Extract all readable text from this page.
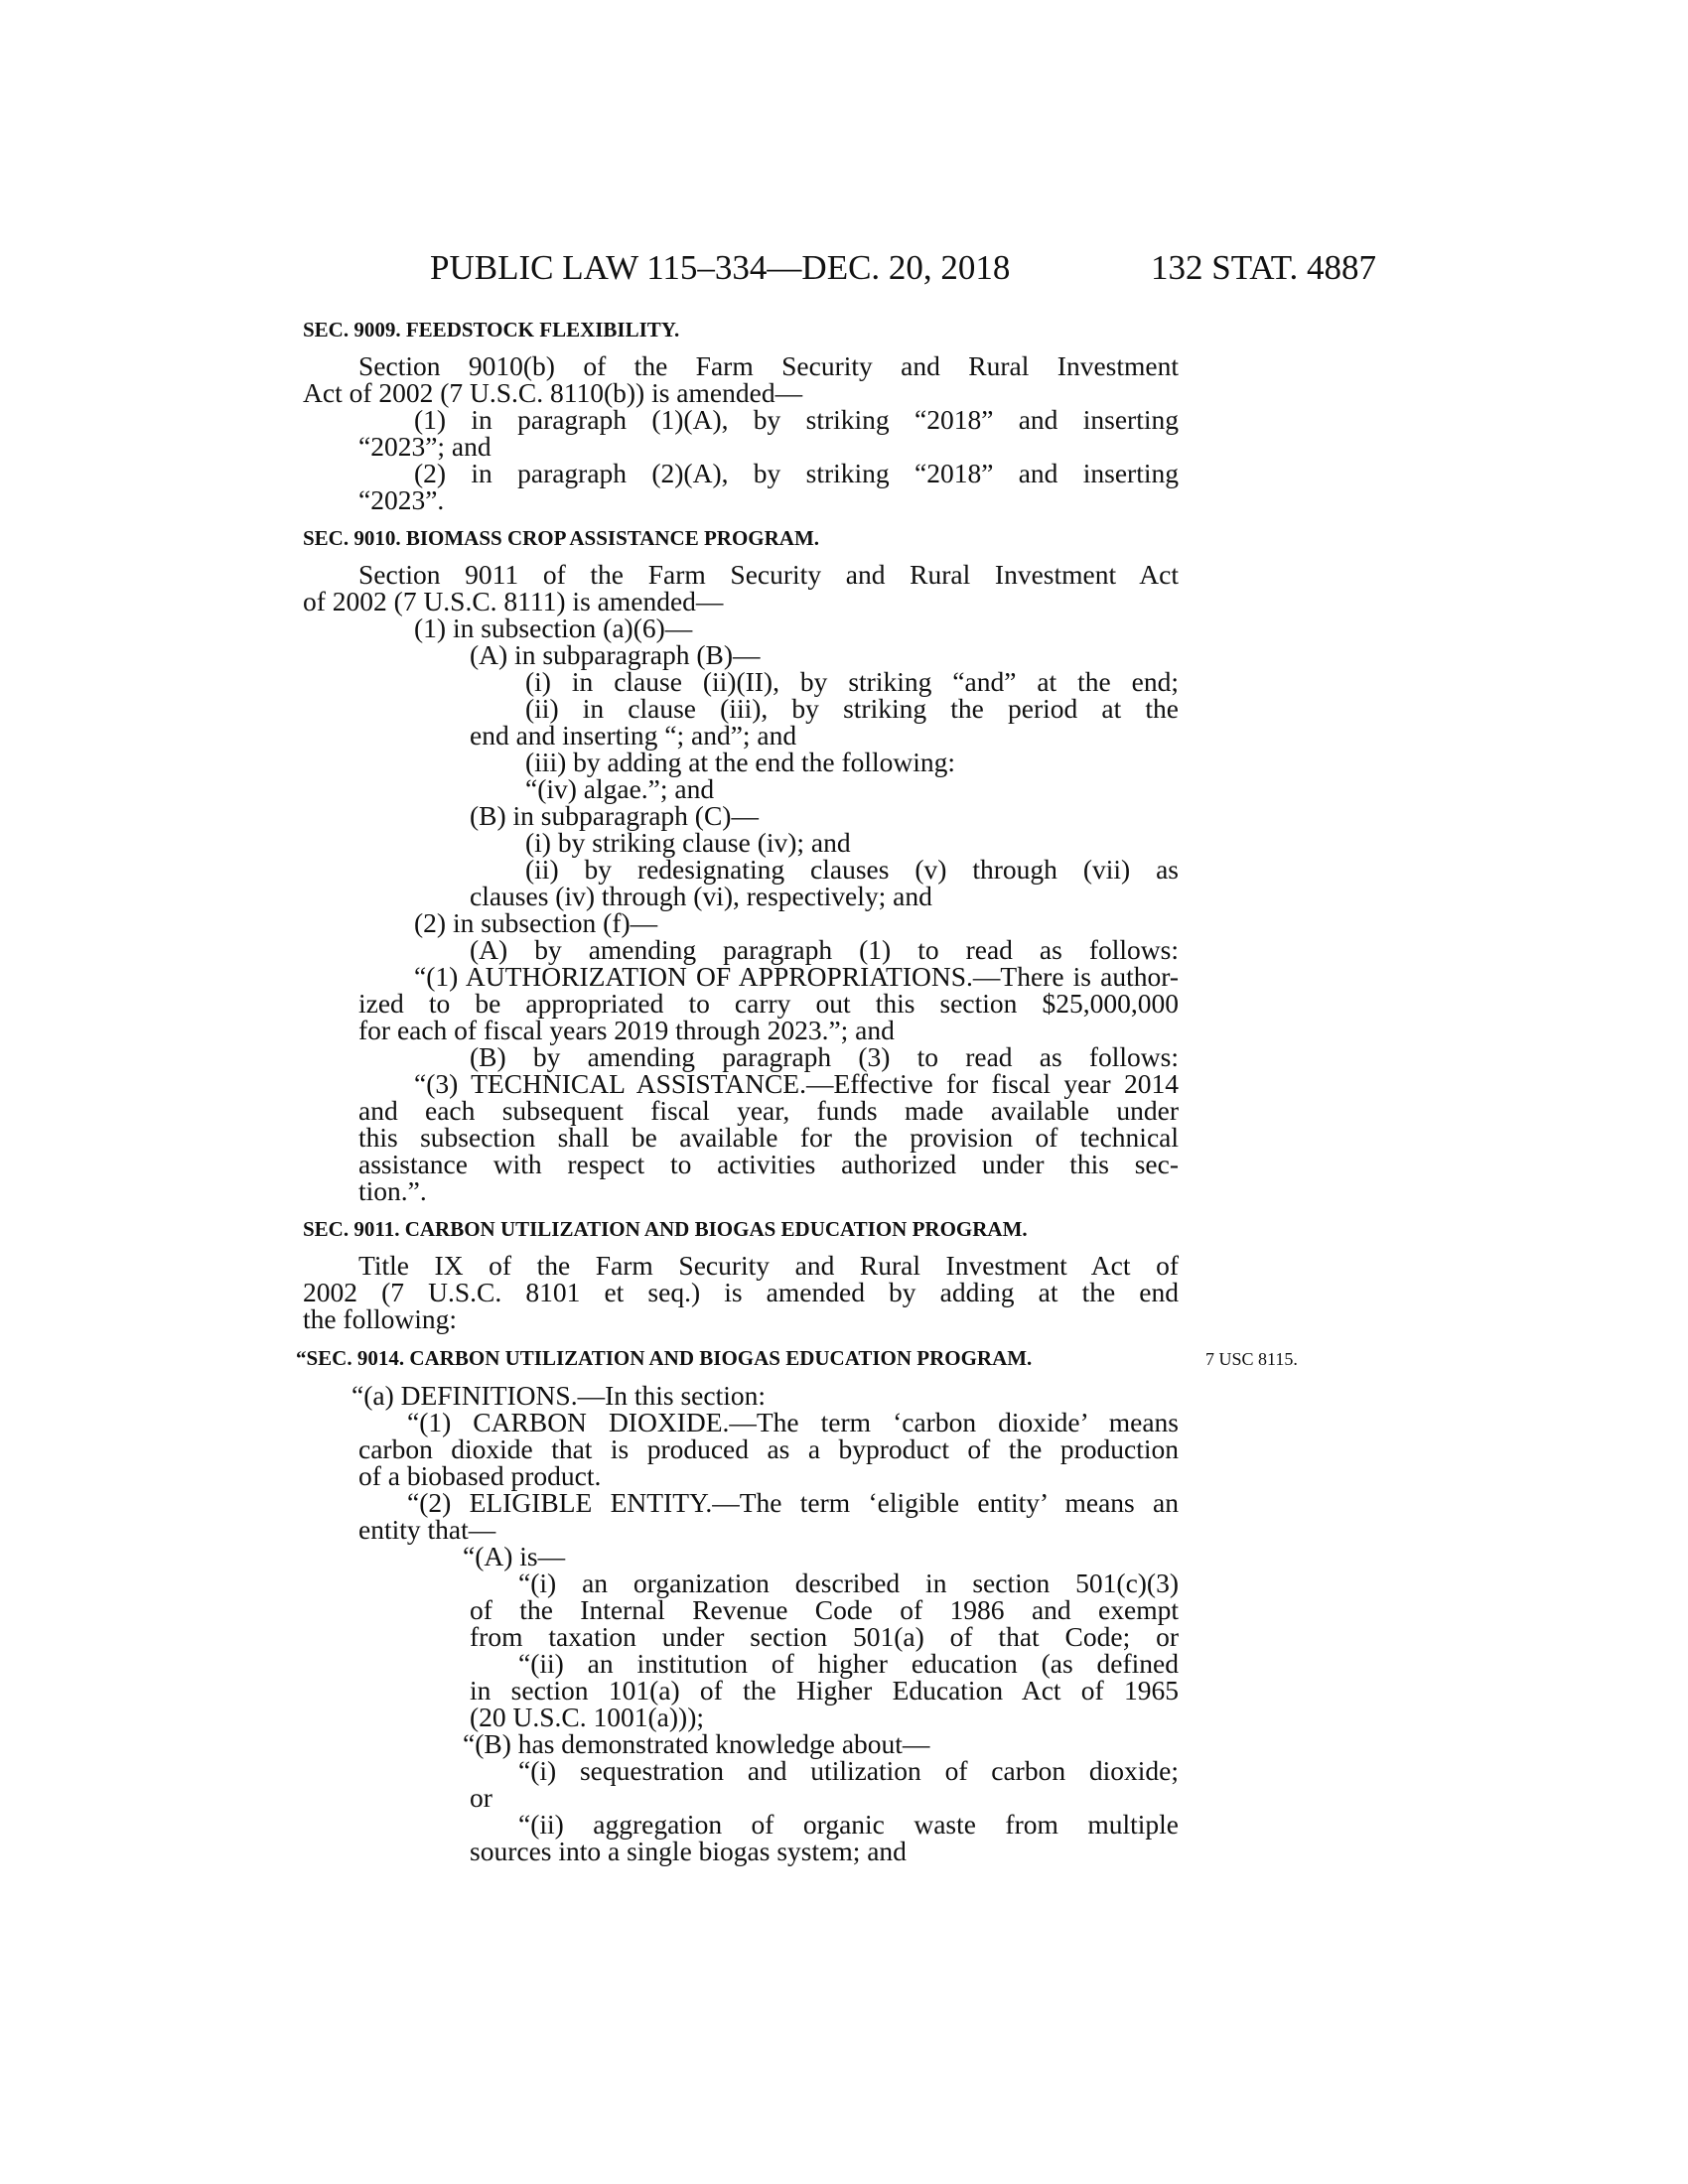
PUBLIC LAW 115–334—DEC. 20, 2018	132 STAT. 4887
SEC. 9009. FEEDSTOCK FLEXIBILITY.
Section 9010(b) of the Farm Security and Rural Investment
Act of 2002 (7 U.S.C. 8110(b)) is amended—
(1) in paragraph (1)(A), by striking “2018” and inserting
“2023”; and
(2) in paragraph (2)(A), by striking “2018” and inserting
“2023”.
SEC. 9010. BIOMASS CROP ASSISTANCE PROGRAM.
Section 9011 of the Farm Security and Rural Investment Act
of 2002 (7 U.S.C. 8111) is amended—
(1) in subsection (a)(6)—
(A) in subparagraph (B)—
(i) in clause (ii)(II), by striking “and” at the end;
(ii) in clause (iii), by striking the period at the
end and inserting “; and”; and
(iii) by adding at the end the following:
“(iv) algae.”; and
(B) in subparagraph (C)—
(i) by striking clause (iv); and
(ii) by redesignating clauses (v) through (vii) as
clauses (iv) through (vi), respectively; and
(2) in subsection (f)—
(A) by amending paragraph (1) to read as follows:
“(1) AUTHORIZATION OF APPROPRIATIONS.—There is author-
ized to be appropriated to carry out this section $25,000,000
for each of fiscal years 2019 through 2023.”; and
(B) by amending paragraph (3) to read as follows:
“(3) TECHNICAL ASSISTANCE.—Effective for fiscal year 2014
and each subsequent fiscal year, funds made available under
this subsection shall be available for the provision of technical
assistance with respect to activities authorized under this sec-
tion.”.
SEC. 9011. CARBON UTILIZATION AND BIOGAS EDUCATION PROGRAM.
Title IX of the Farm Security and Rural Investment Act of
2002 (7 U.S.C. 8101 et seq.) is amended by adding at the end
the following:
“SEC. 9014. CARBON UTILIZATION AND BIOGAS EDUCATION PROGRAM.	7 USC 8115.
“(a) DEFINITIONS.—In this section:
“(1) CARBON DIOXIDE.—The term ‘carbon dioxide’ means
carbon dioxide that is produced as a byproduct of the production
of a biobased product.
“(2) ELIGIBLE ENTITY.—The term ‘eligible entity’ means an
entity that—
“(A) is—
“(i) an organization described in section 501(c)(3)
of the Internal Revenue Code of 1986 and exempt
from taxation under section 501(a) of that Code; or
“(ii) an institution of higher education (as defined
in section 101(a) of the Higher Education Act of 1965
(20 U.S.C. 1001(a)));
“(B) has demonstrated knowledge about—
“(i) sequestration and utilization of carbon dioxide;
or
“(ii) aggregation of organic waste from multiple
sources into a single biogas system; and
